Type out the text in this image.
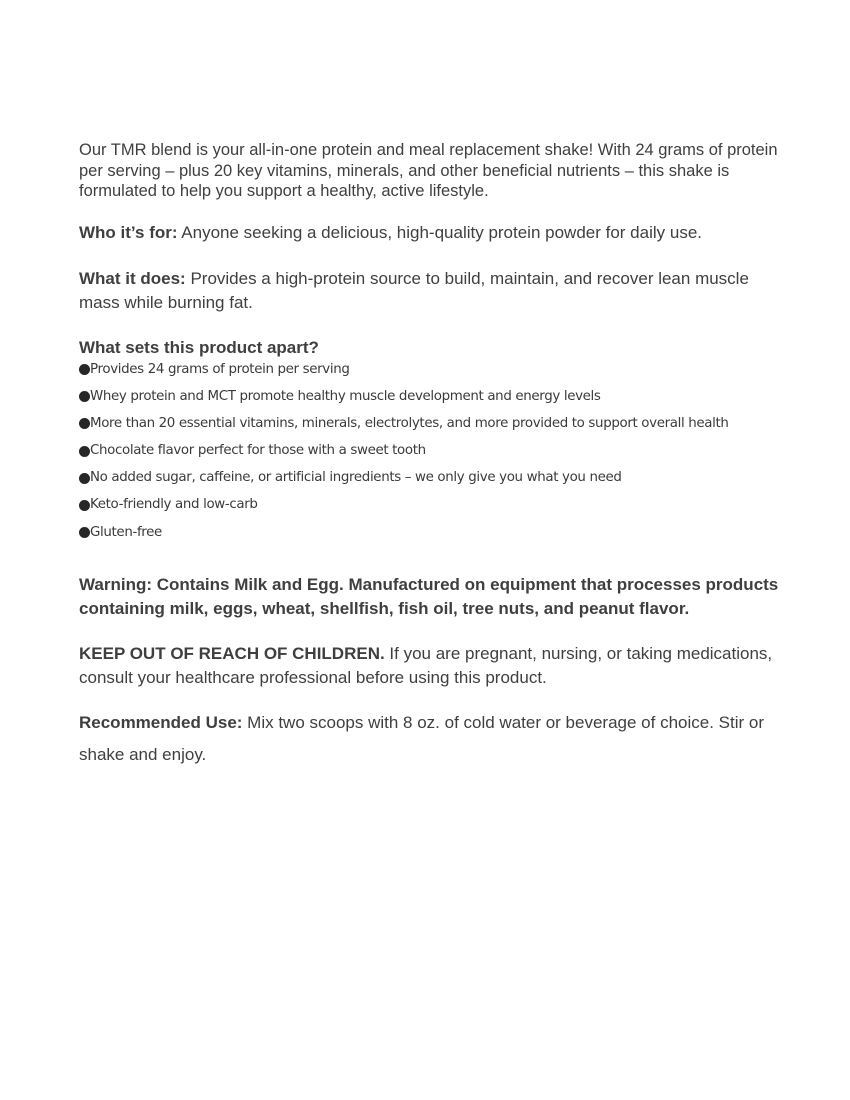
Our TMR blend is your all-in-one protein and meal replacement shake! With 24 grams of protein per serving – plus 20 key vitamins, minerals, and other beneficial nutrients – this shake is formulated to help you support a healthy, active lifestyle.

Who it’s for: Anyone seeking a delicious, high-quality protein powder for daily use.

What it does: Provides a high-protein source to build, maintain, and recover lean muscle mass while burning fat.

What sets this product apart?

Provides 24 grams of protein per serving
Whey protein and MCT promote healthy muscle development and energy levels
More than 20 essential vitamins, minerals, electrolytes, and more provided to support overall health
Chocolate flavor perfect for those with a sweet tooth
No added sugar, caffeine, or artificial ingredients – we only give you what you need
Keto-friendly and low-carb
Gluten-free

Warning: Contains Milk and Egg. Manufactured on equipment that processes products containing milk, eggs, wheat, shellfish, fish oil, tree nuts, and peanut flavor.

KEEP OUT OF REACH OF CHILDREN. If you are pregnant, nursing, or taking medications, consult your healthcare professional before using this product.

Recommended Use: Mix two scoops with 8 oz. of cold water or beverage of choice. Stir or shake and enjoy.
